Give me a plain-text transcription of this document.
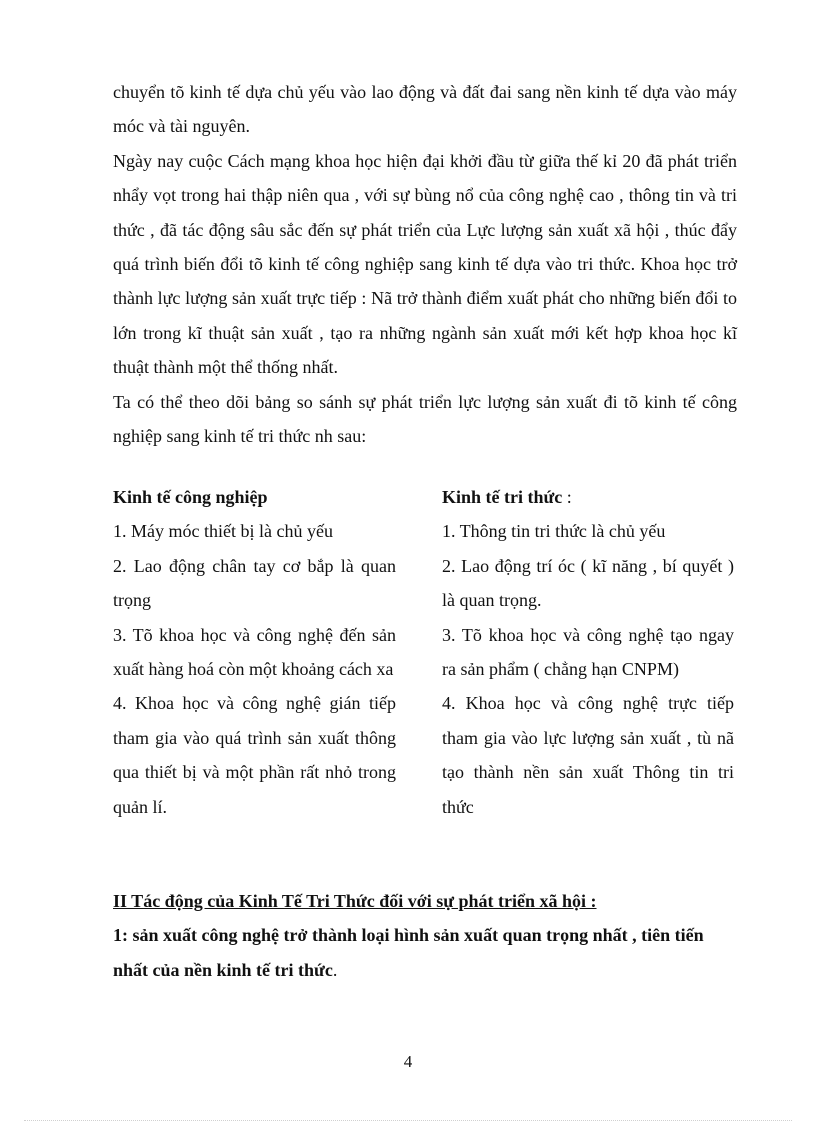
chuyển tõ kinh tế dựa chủ yếu vào lao động và đất đai sang nền kinh tế dựa vào máy móc và tài nguyên.

Ngày nay cuộc Cách mạng khoa học hiện đại khởi đầu từ giữa thế kỉ 20 đã phát triển nhẩy vọt trong hai thập niên qua , với sự bùng nổ của công nghệ cao , thông tin và tri thức , đã tác động sâu sắc đến sự phát triển của Lực lượng sản xuất xã hội , thúc đẩy quá trình biến đổi tõ kinh tế công nghiệp sang kinh tế dựa vào tri thức. Khoa học trở thành lực lượng sản xuất trực tiếp : Nã trở thành điểm xuất phát cho những biến đổi to lớn trong kĩ thuật sản xuất , tạo ra những ngành sản xuất mới kết hợp khoa học kĩ thuật thành một thể thống nhất.

Ta có thể theo dõi bảng so sánh sự phát triển lực lượng sản xuất đi tõ kinh tế công nghiệp sang kinh tế tri thức nh sau:

Kinh tế công nghiệp

1. Máy móc thiết bị là chủ yếu

2. Lao động chân tay cơ bắp là quan trọng

3. Tõ khoa học và công nghệ đến sản xuất hàng hoá còn một khoảng cách xa

4. Khoa học và công nghệ gián tiếp tham gia vào quá trình sản xuất thông qua thiết bị và một phần rất nhỏ trong quản lí.

Kinh tế tri thức :

1. Thông tin tri thức là chủ yếu

2. Lao động trí óc ( kĩ năng , bí quyết ) là quan trọng.

3. Tõ khoa học và công nghệ tạo ngay ra sản phẩm ( chẳng hạn CNPM)

4. Khoa học và công nghệ trực tiếp tham gia vào lực lượng sản xuất , tù nã tạo thành nền sản xuất Thông tin tri thức

II Tác động của Kinh Tế Tri Thức đối với sự phát triển xã hội :

1: sản xuất công nghệ trở thành loại hình sản xuất quan trọng nhất , tiên tiến nhất của nền kinh tế tri thức.

4
